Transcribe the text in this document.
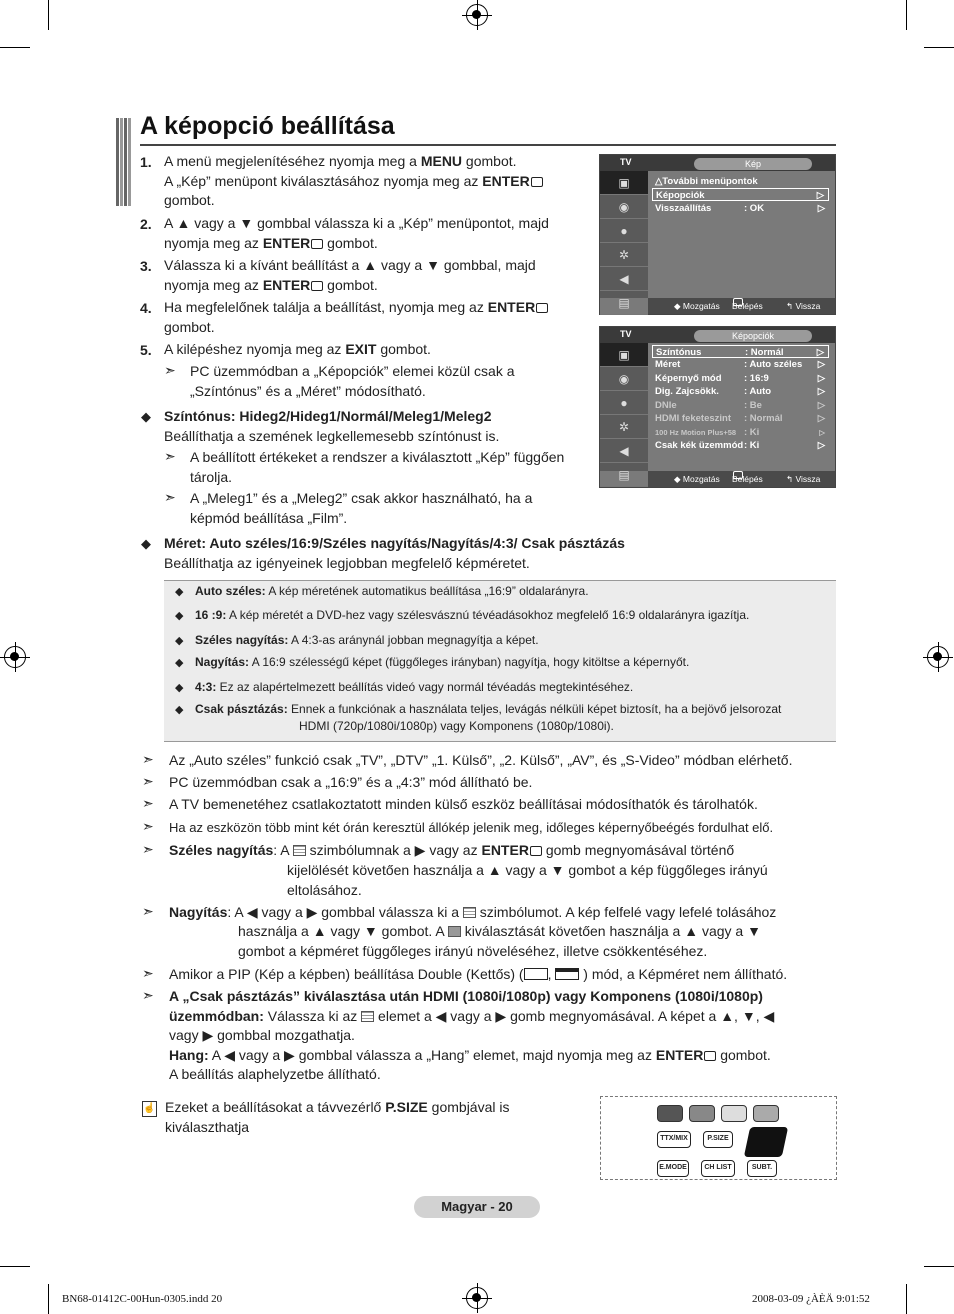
A képopció beállítása
1. A menü megjelenítéséhez nyomja meg a MENU gombot.
A „Kép” menüpont kiválasztásához nyomja meg az ENTER
gombot.
2. A ▲ vagy a ▼ gombbal válassza ki a „Kép” menüpontot, majd
nyomja meg az ENTER gombot.
3. Válassza ki a kívánt beállítást a ▲ vagy a ▼ gombbal, majd
nyomja meg az ENTER gombot.
4. Ha megfelelőnek találja a beállítást, nyomja meg az ENTER
gombot.
5. A kilépéshez nyomja meg az EXIT gombot.
➣ PC üzemmódban a „Képopciók” elemei közül csak a
„Színtónus” és a „Méret” módosítható.
◆ Színtónus: Hideg2/Hideg1/Normál/Meleg1/Meleg2
Beállíthatja a szemének legkellemesebb színtónust is.
➣ A beállított értékeket a rendszer a kiválasztott „Kép” függően
tárolja.
➣ A „Meleg1” és a „Meleg2” csak akkor használható, ha a
képmód beállítása „Film”.
TV	Kép
▣
◉
●
✲
◀
▤
△További menüpontok
Képopciók	▷
Visszaállítás	: OK	▷
◆ Mozgatás Belépés	↰ Vissza
TV	Képopciók
▣
◉
●
✲
◀
▤
Színtónus	: Normál	▷
Méret	: Auto széles ▷
Képernyő mód : 16:9	▷
Dig. Zajcsökk.	: Auto	▷
DNIe	: Be	▷
HDMI feketeszint : Normál	▷
100 Hz Motion Plus+58 : Ki	▷
Csak kék üzemmód : Ki	▷
◆ Mozgatás Belépés	↰ Vissza
◆ Méret: Auto széles/16:9/Széles nagyítás/Nagyítás/4:3/ Csak pásztázás
Beállíthatja az igényeinek legjobban megfelelő képméretet.
◆ Auto széles: A kép méretének automatikus beállítása „16:9” oldalarányra.
◆ 16 :9: A kép méretét a DVD-hez vagy szélesvásznú tévéadásokhoz megfelelő 16:9 oldalarányra igazítja.
◆ Széles nagyítás: A 4:3-as aránynál jobban megnagyítja a képet.
◆ Nagyítás: A 16:9 szélességű képet (függőleges irányban) nagyítja, hogy kitöltse a képernyőt.
◆ 4:3: Ez az alapértelmezett beállítás videó vagy normál tévéadás megtekintéséhez.
◆ Csak pásztázás: Ennek a funkciónak a használata teljes, levágás nélküli képet biztosít, ha a bejövő jelsorozat
HDMI (720p/1080i/1080p) vagy Komponens (1080p/1080i).
➣ Az „Auto széles” funkció csak „TV”, „DTV” „1. Külső”, „2. Külső”, „AV”, és „S-Video” módban elérhető.
➣ PC üzemmódban csak a „16:9” és a „4:3” mód állítható be.
➣ A TV bemenetéhez csatlakoztatott minden külső eszköz beállításai módosíthatók és tárolhatók.
➣ Ha az eszközön több mint két órán keresztül állókép jelenik meg, időleges képernyőbeégés fordulhat elő.
➣ Széles nagyítás: A  szimbólumnak a ▶ vagy az ENTER gomb megnyomásával történő
kijelölését követően használja a ▲ vagy a ▼ gombot a kép függőleges irányú
eltolásához.
➣ Nagyítás: A ◀ vagy a ▶ gombbal válassza ki a  szimbólumot. A kép felfelé vagy lefelé tolásához
használja a ▲ vagy ▼ gombot. A  kiválasztását követően használja a ▲ vagy a ▼
gombot a képméret függőleges irányú növeléséhez, illetve csökkentéséhez.
➣ Amikor a PIP (Kép a képben) beállítása Double (Kettős) ( , ) mód, a Képméret nem állítható.
➣ A „Csak pásztázás” kiválasztása után HDMI (1080i/1080p) vagy Komponens (1080i/1080p)
üzemmódban: Válassza ki az  elemet a ◀ vagy a ▶ gomb megnyomásával. A képet a ▲, ▼, ◀
vagy ▶ gombbal mozgathatja.
Hang: A ◀ vagy a ▶ gombbal válassza a „Hang” elemet, majd nyomja meg az ENTER gombot.
A beállítás alaphelyzetbe állítható.
☝ Ezeket a beállításokat a távvezérlő P.SIZE gombjával is
kiválaszthatja
TTX/MIX	P.SIZE
E.MODE	CH LIST	SUBT.
Magyar - 20
BN68-01412C-00Hun-0305.indd 20	2008-03-09 ¿ÀÈÄ 9:01:52
